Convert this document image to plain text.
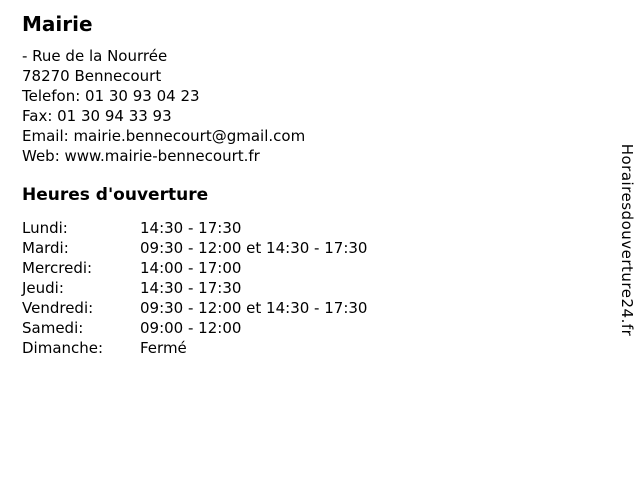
Mairie
- Rue de la Nourrée
78270 Bennecourt
Telefon: 01 30 93 04 23
Fax: 01 30 94 33 93
Email: mairie.bennecourt@gmail.com
Web: www.mairie-bennecourt.fr
Heures d'ouverture
Lundi:	14:30 - 17:30
Mardi:	09:30 - 12:00 et 14:30 - 17:30
Mercredi:	14:00 - 17:00
Jeudi:	14:30 - 17:30
Vendredi:	09:30 - 12:00 et 14:30 - 17:30
Samedi:	09:00 - 12:00
Dimanche:	Fermé
Horairesdouverture24.fr
